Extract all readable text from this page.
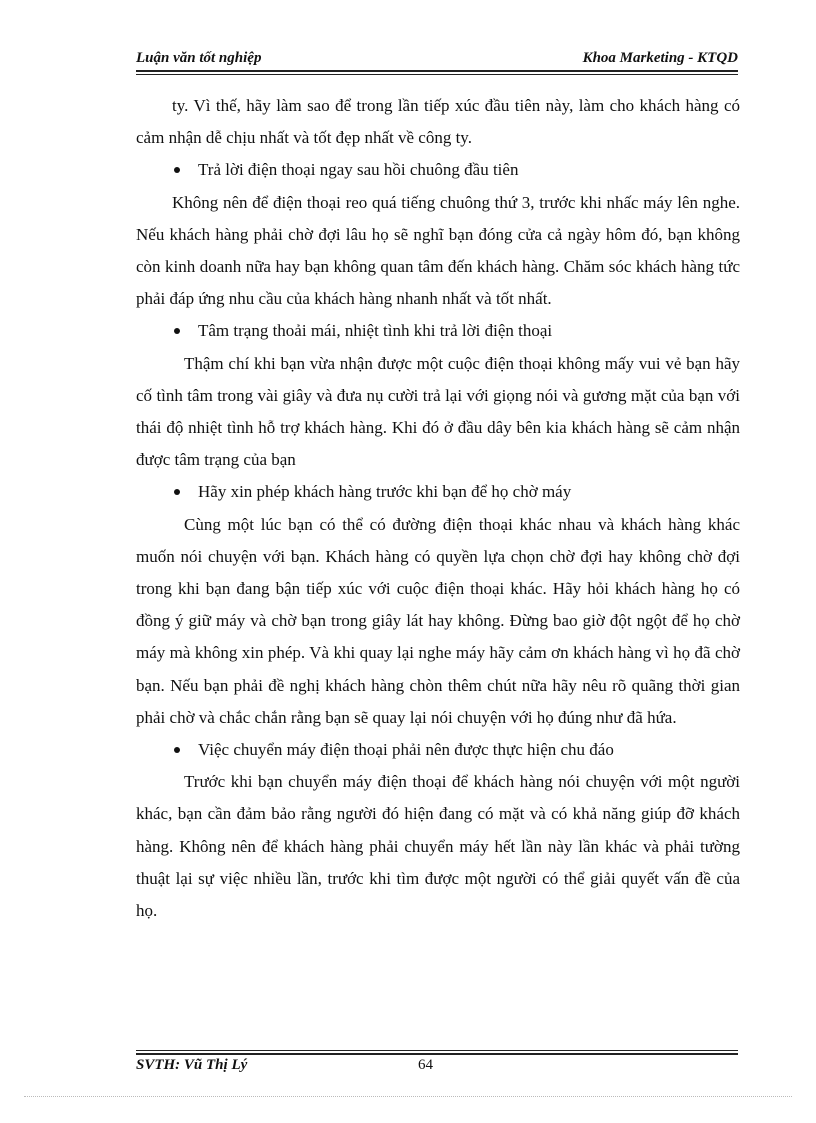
Luận văn tốt nghiệp	Khoa Marketing - KTQD

ty. Vì thế, hãy làm sao để trong lần tiếp xúc đầu tiên này, làm cho khách hàng có cảm nhận dễ chịu nhất và tốt đẹp nhất về công ty.

Trả lời điện thoại ngay sau hồi chuông đầu tiên

Không nên để điện thoại reo quá tiếng chuông thứ 3, trước khi nhấc máy lên nghe. Nếu khách hàng phải chờ đợi lâu họ sẽ nghĩ bạn đóng cửa cả ngày hôm đó, bạn không còn kinh doanh nữa hay bạn không quan tâm đến khách hàng. Chăm sóc khách hàng tức phải đáp ứng nhu cầu của khách hàng nhanh nhất và tốt nhất.

Tâm trạng thoải mái, nhiệt tình khi trả lời điện thoại

Thậm chí khi bạn vừa nhận được một cuộc điện thoại không mấy vui vẻ bạn hãy cố tình tâm trong vài giây và đưa nụ cười trả lại với giọng nói và gương mặt của bạn với thái độ nhiệt tình hỗ trợ khách hàng. Khi đó ở đầu dây bên kia khách hàng sẽ cảm nhận được tâm trạng của bạn

Hãy xin phép khách hàng trước khi bạn để họ chờ máy

Cùng một lúc bạn có thể có đường điện thoại khác nhau và khách hàng khác muốn nói chuyện với bạn. Khách hàng có quyền lựa chọn chờ đợi hay không chờ đợi trong khi bạn đang bận tiếp xúc với cuộc điện thoại khác. Hãy hỏi khách hàng họ có đồng ý giữ máy và chờ bạn trong giây lát hay không. Đừng bao giờ đột ngột để họ chờ máy mà không xin phép. Và khi quay lại nghe máy hãy cảm ơn khách hàng vì họ đã chờ bạn. Nếu bạn phải đề nghị khách hàng chòn thêm chút nữa hãy nêu rõ quãng thời gian phải chờ và chắc chắn rằng bạn sẽ quay lại nói chuyện với họ đúng như đã hứa.

Việc chuyển máy điện thoại phải nên được thực hiện chu đáo

Trước khi bạn chuyển máy điện thoại để khách hàng nói chuyện với một người khác, bạn cần đảm bảo rằng người đó hiện đang có mặt và có khả năng giúp đỡ khách hàng. Không nên để khách hàng phải chuyển máy hết lần này lần khác và phải tường thuật lại sự việc nhiều lần, trước khi tìm được một người có thể giải quyết vấn đề của họ.

SVTH: Vũ Thị Lý	64
